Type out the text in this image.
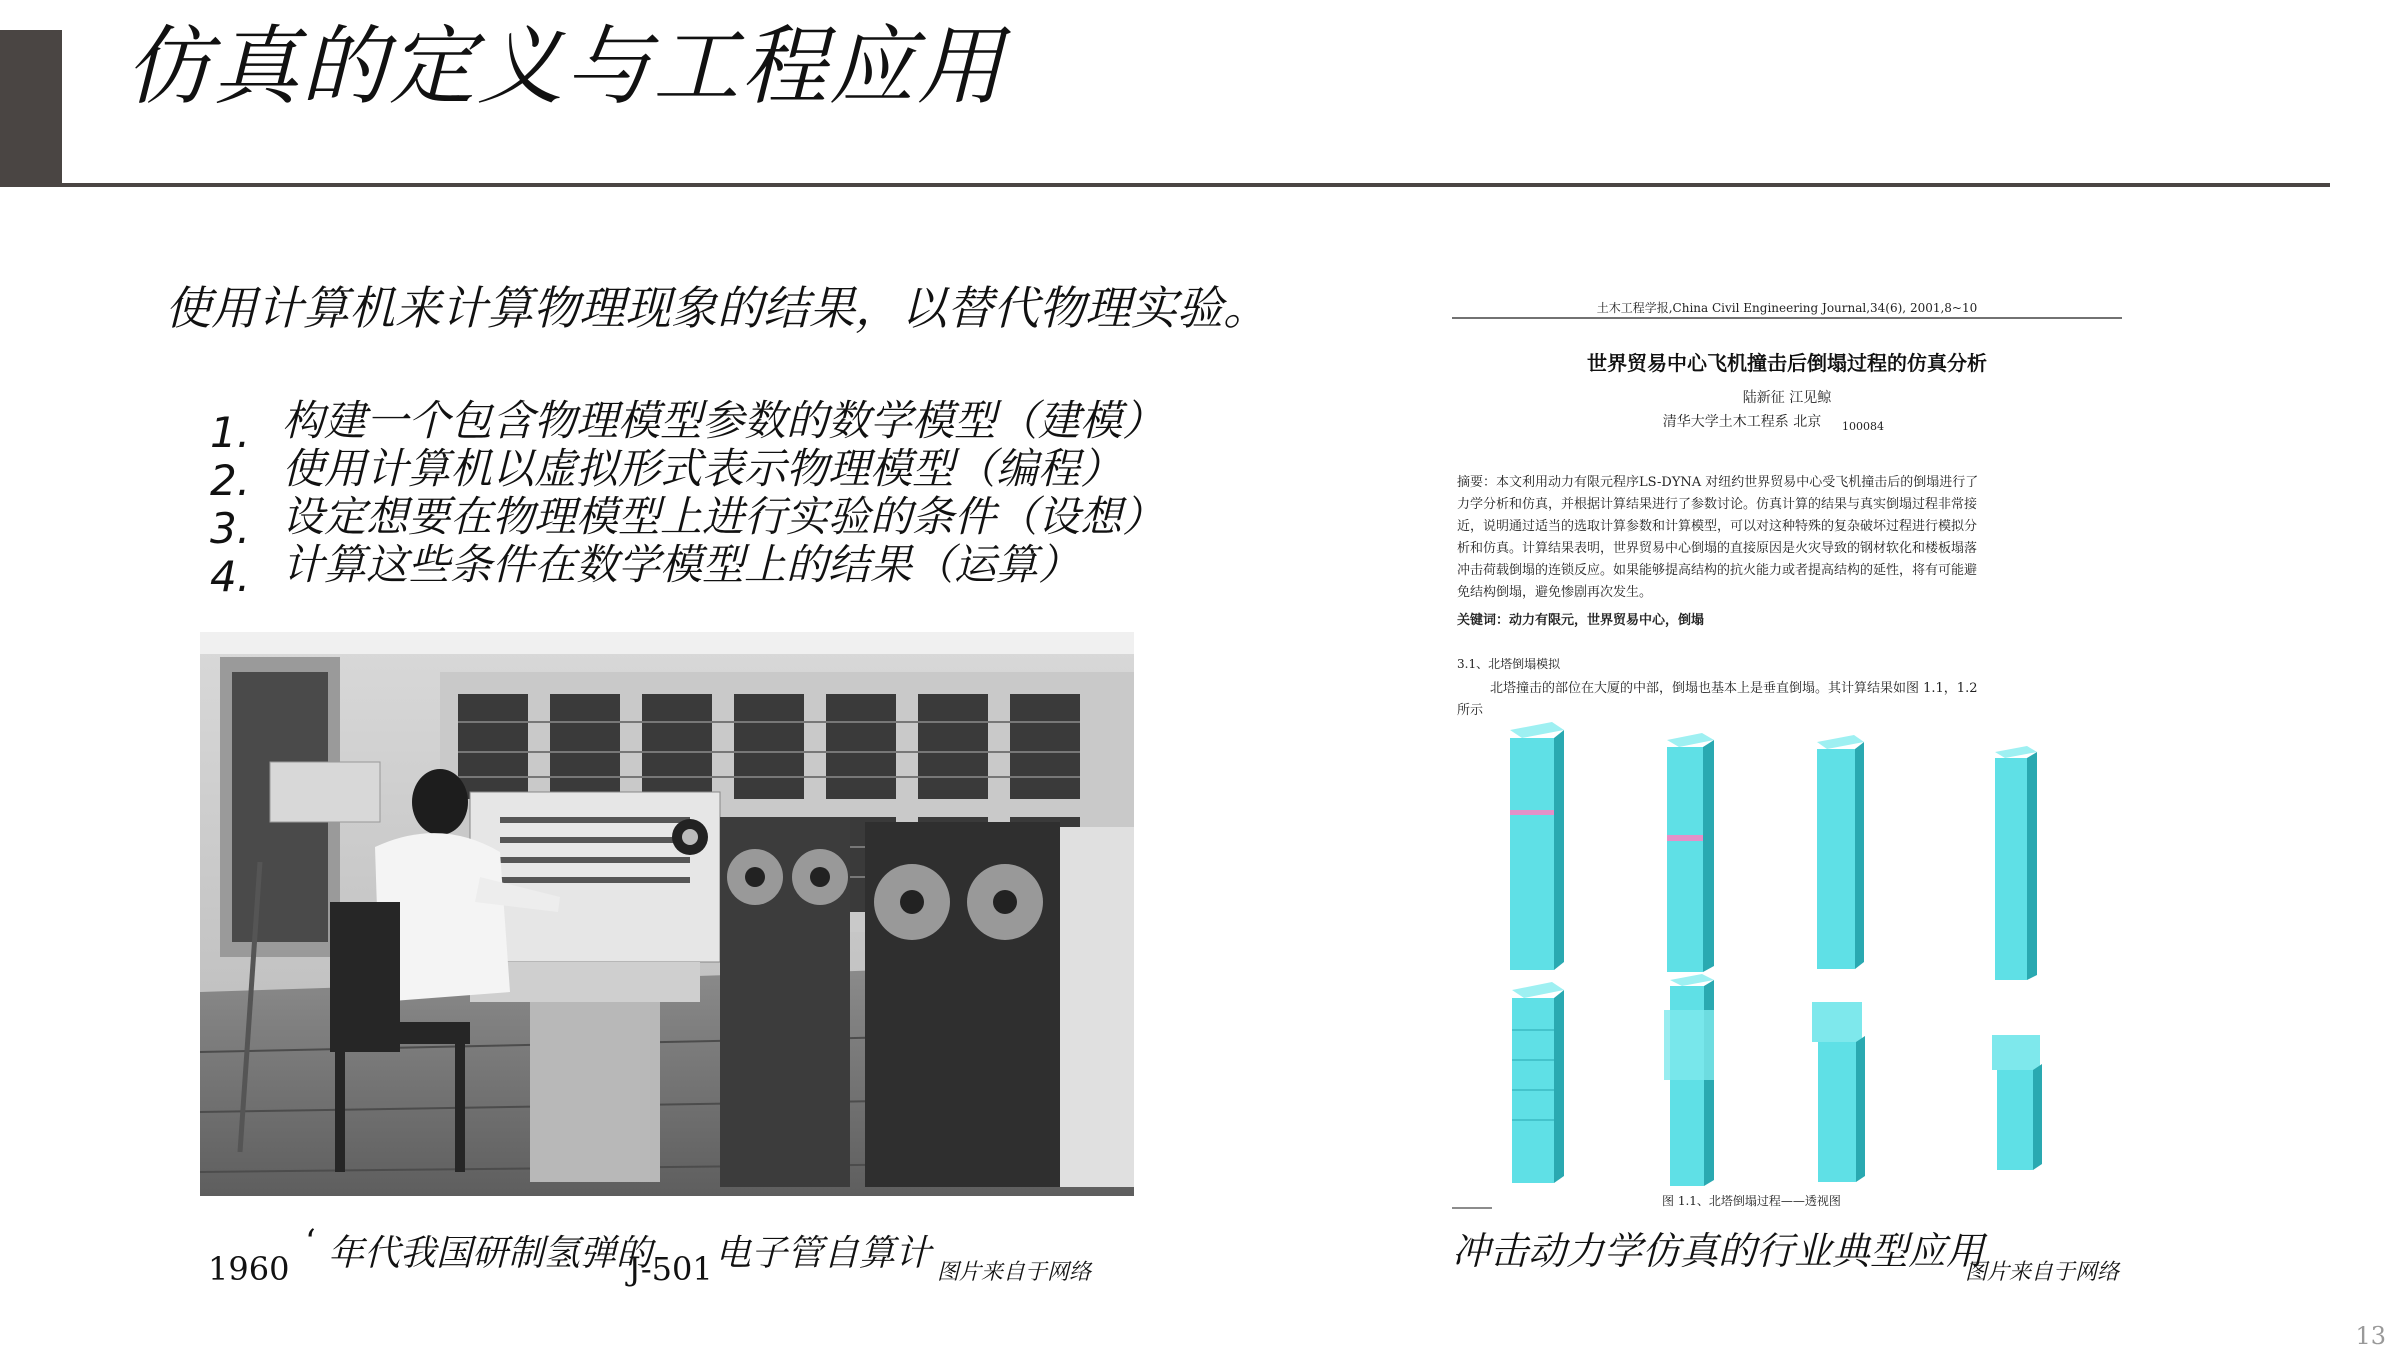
仿真的定义与工程应用
使用计算机来计算物理现象的结果，以替代物理实验。
1. 构建一个包含物理模型参数的数学模型（建模）
2. 使用计算机以虚拟形式表示物理模型（编程）
3. 设定想要在物理模型上进行实验的条件（设想）
4. 计算这些条件在数学模型上的结果（运算）
土木工程学报,China Civil Engineering Journal,34(6), 2001,8~10
世界贸易中心飞机撞击后倒塌过程的仿真分析
陆新征 江见鲸
清华大学土木工程系 北京 100084
摘要：本文利用动力有限元程序LS-DYNA 对纽约世界贸易中心受飞机撞击后的倒塌进行了
力学分析和仿真，并根据计算结果进行了参数讨论。仿真计算的结果与真实倒塌过程非常接
近，说明通过适当的选取计算参数和计算模型，可以对这种特殊的复杂破坏过程进行模拟分
析和仿真。计算结果表明，世界贸易中心倒塌的直接原因是火灾导致的钢材软化和楼板塌落
冲击荷载倒塌的连锁反应。如果能够提高结构的抗火能力或者提高结构的延性，将有可能避
免结构倒塌，避免惨剧再次发生。
关键词：动力有限元，世界贸易中心，倒塌
3.1、北塔倒塌模拟
北塔撞击的部位在大厦的中部，倒塌也基本上是垂直倒塌。其计算结果如图 1.1，1.2
所示
图 1.1、北塔倒塌过程——透视图
1960
‘ 年代我国研制氢弹的
J-501 电子管自算计 图片来自于网络	冲击动力学仿真的行业典型应用
图片来自于网络
13
